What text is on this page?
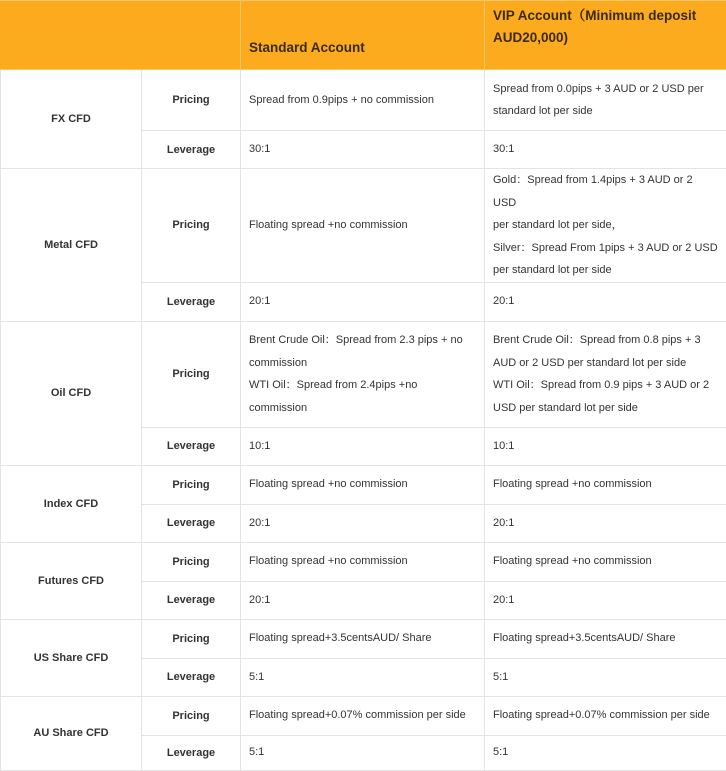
		Standard Account	VIP Account（Minimum deposit
AUD20,000)

FX CFD	Pricing	Spread from 0.9pips + no commission	Spread from 0.0pips + 3 AUD or 2 USD per
standard lot per side

	Leverage	30:1	30:1
Metal CFD	Pricing	Floating spread +no commission	Gold：Spread from 1.4pips + 3 AUD or 2 USD
per standard lot per side，
Silver：Spread From 1pips + 3 AUD or 2 USD
per standard lot per side

	Leverage	20:1	20:1
Oil CFD	Pricing	Brent Crude Oil：Spread from 2.3 pips + no
commission
WTI Oil：Spread from 2.4pips +no
commission	Brent Crude Oil：Spread from 0.8 pips + 3
AUD or 2 USD per standard lot per side
WTI Oil：Spread from 0.9 pips + 3 AUD or 2
USD per standard lot per side

	Leverage	10:1	10:1
Index CFD	Pricing	Floating spread +no commission	Floating spread +no commission

	Leverage	20:1	20:1
Futures CFD	Pricing	Floating spread +no commission	Floating spread +no commission

	Leverage	20:1	20:1
US Share CFD	Pricing	Floating spread+3.5centsAUD/ Share	Floating spread+3.5centsAUD/ Share

	Leverage	5:1	5:1
AU Share CFD	Pricing	Floating spread+0.07% commission per side	Floating spread+0.07% commission per side

	Leverage	5:1	5:1
